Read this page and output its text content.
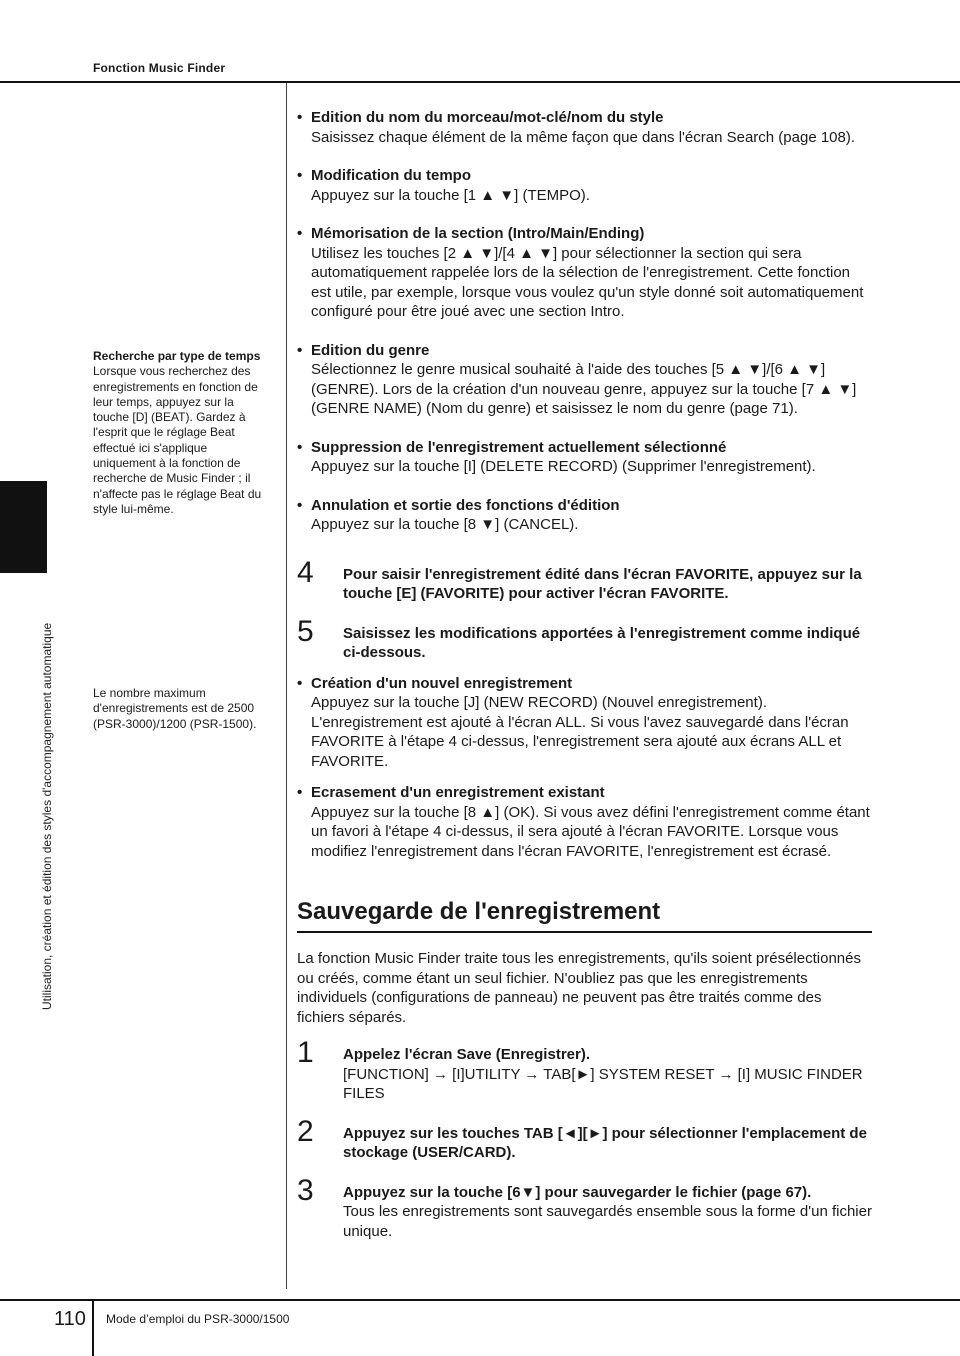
Fonction Music Finder
Utilisation, création et édition des styles d'accompagnement automatique
Recherche par type de temps
Lorsque vous recherchez des enregistrements en fonction de leur temps, appuyez sur la touche [D] (BEAT). Gardez à l'esprit que le réglage Beat effectué ici s'applique uniquement à la fonction de recherche de Music Finder ; il n'affecte pas le réglage Beat du style lui-même.
Le nombre maximum d'enregistrements est de 2500 (PSR-3000)/1200 (PSR-1500).
• Edition du nom du morceau/mot-clé/nom du style
Saisissez chaque élément de la même façon que dans l'écran Search (page 108).
• Modification du tempo
Appuyez sur la touche [1 ▲ ▼] (TEMPO).
• Mémorisation de la section (Intro/Main/Ending)
Utilisez les touches [2 ▲ ▼]/[4 ▲ ▼] pour sélectionner la section qui sera automatiquement rappelée lors de la sélection de l'enregistrement. Cette fonction est utile, par exemple, lorsque vous voulez qu'un style donné soit automatiquement configuré pour être joué avec une section Intro.
• Edition du genre
Sélectionnez le genre musical souhaité à l'aide des touches [5 ▲ ▼]/[6 ▲ ▼] (GENRE). Lors de la création d'un nouveau genre, appuyez sur la touche [7 ▲ ▼] (GENRE NAME) (Nom du genre) et saisissez le nom du genre (page 71).
• Suppression de l'enregistrement actuellement sélectionné
Appuyez sur la touche [I] (DELETE RECORD) (Supprimer l'enregistrement).
• Annulation et sortie des fonctions d'édition
Appuyez sur la touche [8 ▼] (CANCEL).
4 Pour saisir l'enregistrement édité dans l'écran FAVORITE, appuyez sur la touche [E] (FAVORITE) pour activer l'écran FAVORITE.
5 Saisissez les modifications apportées à l'enregistrement comme indiqué ci-dessous.
• Création d'un nouvel enregistrement
Appuyez sur la touche [J] (NEW RECORD) (Nouvel enregistrement). L'enregistrement est ajouté à l'écran ALL. Si vous l'avez sauvegardé dans l'écran FAVORITE à l'étape 4 ci-dessus, l'enregistrement sera ajouté aux écrans ALL et FAVORITE.
• Ecrasement d'un enregistrement existant
Appuyez sur la touche [8 ▲] (OK). Si vous avez défini l'enregistrement comme étant un favori à l'étape 4 ci-dessus, il sera ajouté à l'écran FAVORITE. Lorsque vous modifiez l'enregistrement dans l'écran FAVORITE, l'enregistrement est écrasé.
Sauvegarde de l'enregistrement
La fonction Music Finder traite tous les enregistrements, qu'ils soient présélectionnés ou créés, comme étant un seul fichier. N'oubliez pas que les enregistrements individuels (configurations de panneau) ne peuvent pas être traités comme des fichiers séparés.
1 Appelez l'écran Save (Enregistrer).
[FUNCTION] → [I]UTILITY → TAB[►] SYSTEM RESET → [I] MUSIC FINDER FILES
2 Appuyez sur les touches TAB [◄][►] pour sélectionner l'emplacement de stockage (USER/CARD).
3 Appuyez sur la touche [6▼] pour sauvegarder le fichier (page 67).
Tous les enregistrements sont sauvegardés ensemble sous la forme d'un fichier unique.
110 Mode d’emploi du PSR-3000/1500
